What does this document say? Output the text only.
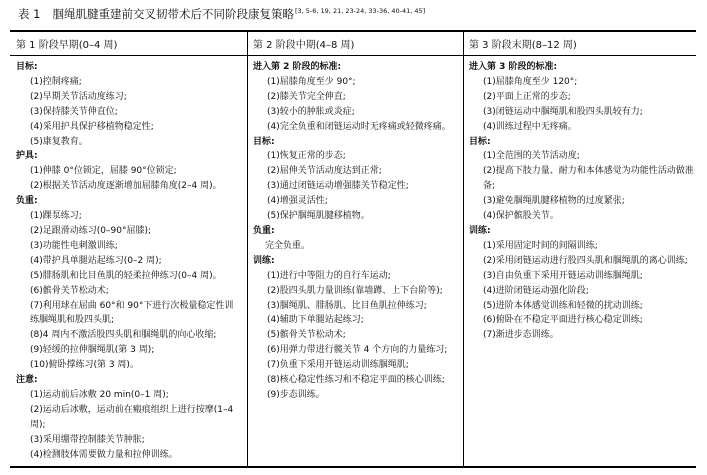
表 1 腘绳肌腱重建前交叉韧带术后不同阶段康复策略[3, 5-6, 19, 21, 23-24, 33-36, 40-41, 45]
第 1 阶段早期(0–4 周)	第 2 阶段中期(4–8 周)	第 3 阶段末期(8–12 周)

目标:

(1)控制疼痛;

(2)早期关节活动度练习;

(3)保持膝关节伸直位;

(4)采用护具保护移植物稳定性;

(5)康复教育。

护具:

(1)伸膝 0°位锁定，屈膝 90°位锁定;

(2)根据关节活动度逐渐增加屈膝角度(2–4 周)。

负重:

(1)踝泵练习;

(2)足跟滑动练习(0–90°屈膝);

(3)功能性电刺激训练;

(4)带护具单腿站起练习(0–2 周);

(5)腓肠肌和比目鱼肌的轻柔拉伸练习(0–4 周)。

(6)髌骨关节松动术;

(7)利用球在屈曲 60°和 90°下进行次极量稳定性训练腘绳肌和股四头肌;

(8)4 周内不激活股四头肌和腘绳肌的向心收缩;

(9)轻缓的拉伸腘绳肌(第 3 周);

(10)俯卧撑练习(第 3 周)。

注意:

(1)运动前后冰敷 20 min(0–1 周);

(2)运动后冰敷，运动前在瘢痕组织上进行按摩(1–4 周);

(3)采用绷带控制膝关节肿胀;

(4)检测肢体需要做力量和拉伸训练。

进入第 2 阶段的标准:

(1)屈膝角度至少 90°;

(2)膝关节完全伸直;

(3)较小的肿胀或炎症;

(4)完全负重和闭链运动时无疼痛或轻微疼痛。

目标:

(1)恢复正常的步态;

(2)屈伸关节活动度达到正常;

(3)通过闭链运动增强膝关节稳定性;

(4)增强灵活性;

(5)保护腘绳肌腱移植物。

负重:

完全负重。

训练:

(1)进行中等阻力的自行车运动;

(2)股四头肌力量训练(靠墙蹲、上下台阶等);

(3)腘绳肌、腓肠肌、比目鱼肌拉伸练习;

(4)辅助下单腿站起练习;

(5)髌骨关节松动术;

(6)用弹力带进行髋关节 4 个方向的力量练习;

(7)负重下采用开链运动训练腘绳肌;

(8)核心稳定性练习和不稳定平面的核心训练;

(9)步态训练。

进入第 3 阶段的标准:

(1)屈膝角度至少 120°;

(2)平面上正常的步态;

(3)闭链运动中腘绳肌和股四头肌较有力;

(4)训练过程中无疼痛。

目标:

(1)全范围的关节活动度;

(2)提高下肢力量、耐力和本体感觉为功能性活动做准备;

(3)避免腘绳肌腱移植物的过度紧张;

(4)保护髌股关节。

训练:

(1)采用固定时间的间隔训练;

(2)采用闭链运动进行股四头肌和腘绳肌的离心训练;

(3)自由负重下采用开链运动训练腘绳肌;

(4)进阶闭链运动强化阶段;

(5)进阶本体感觉训练和轻微的扰动训练;

(6)俯卧在不稳定平面进行核心稳定训练;

(7)渐进步态训练。
